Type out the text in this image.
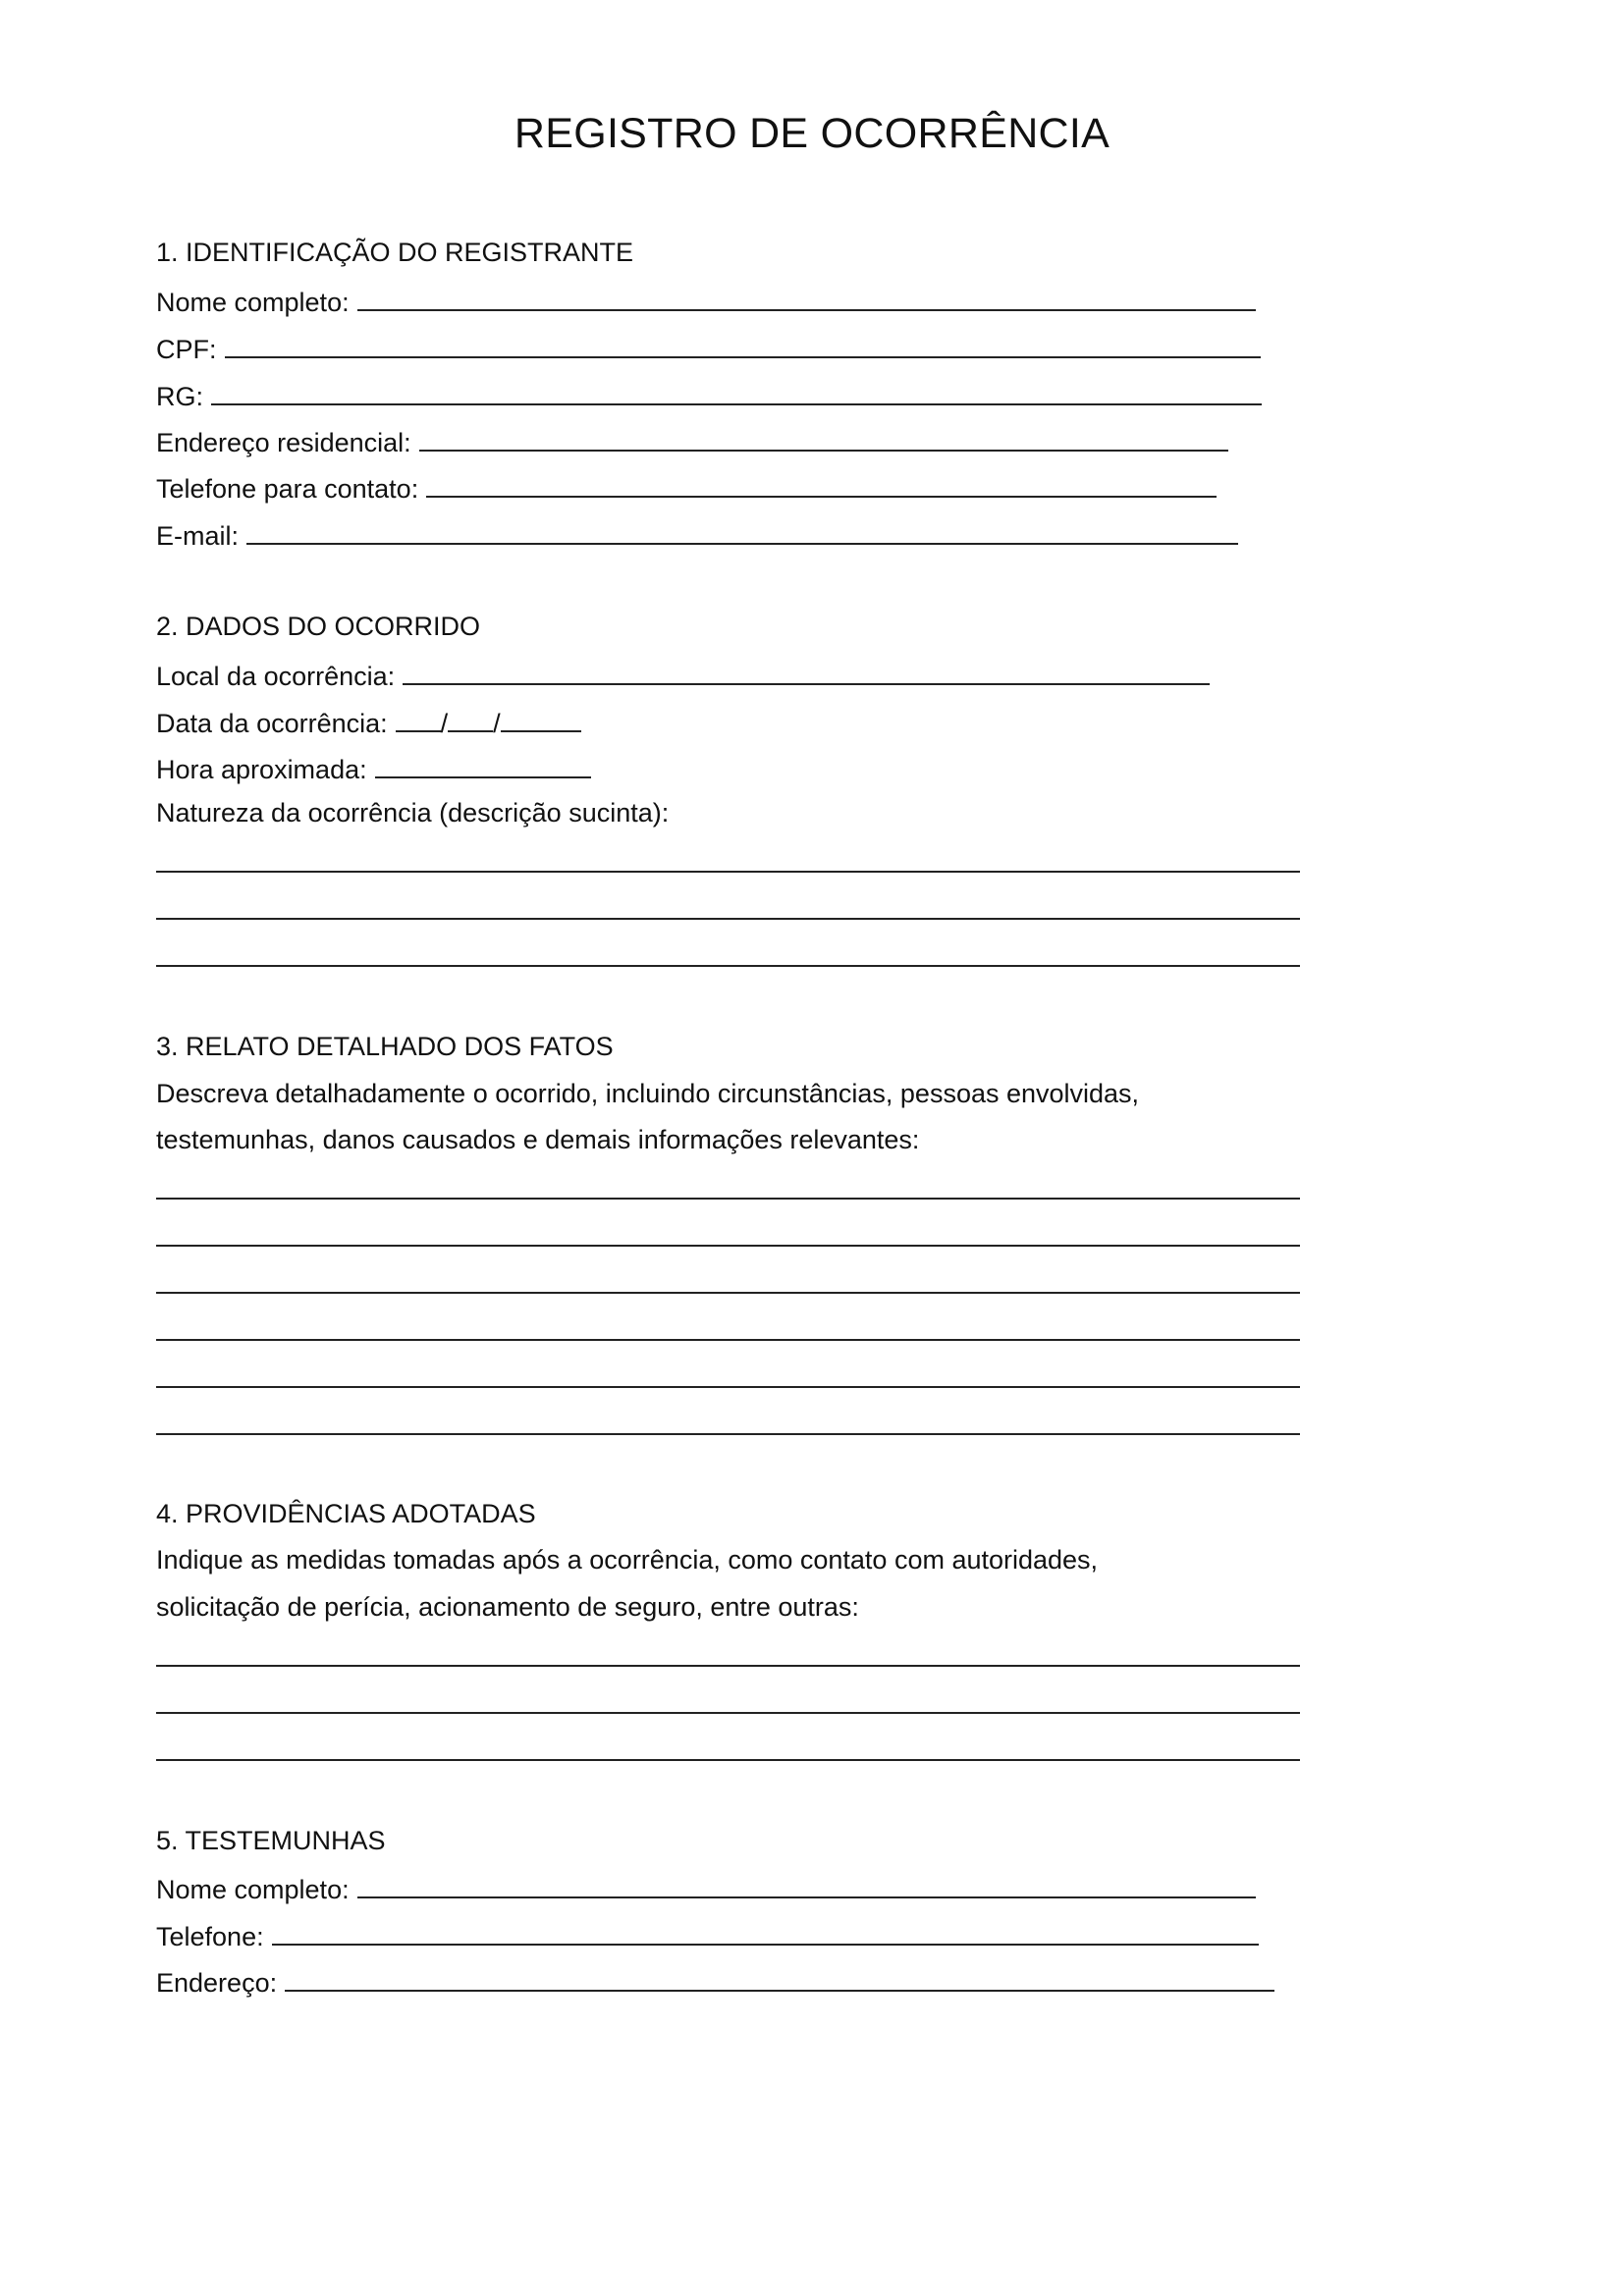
REGISTRO DE OCORRÊNCIA
1. IDENTIFICAÇÃO DO REGISTRANTE
Nome completo:
CPF:
RG:
Endereço residencial:
Telefone para contato:
E-mail:
2. DADOS DO OCORRIDO
Local da ocorrência:
Data da ocorrência:	/ /
Hora aproximada:
Natureza da ocorrência (descrição sucinta):
3. RELATO DETALHADO DOS FATOS
Descreva detalhadamente o ocorrido, incluindo circunstâncias, pessoas envolvidas,
testemunhas, danos causados e demais informações relevantes:
4. PROVIDÊNCIAS ADOTADAS
Indique as medidas tomadas após a ocorrência, como contato com autoridades,
solicitação de perícia, acionamento de seguro, entre outras:
5. TESTEMUNHAS
Nome completo:
Telefone:
Endereço:
